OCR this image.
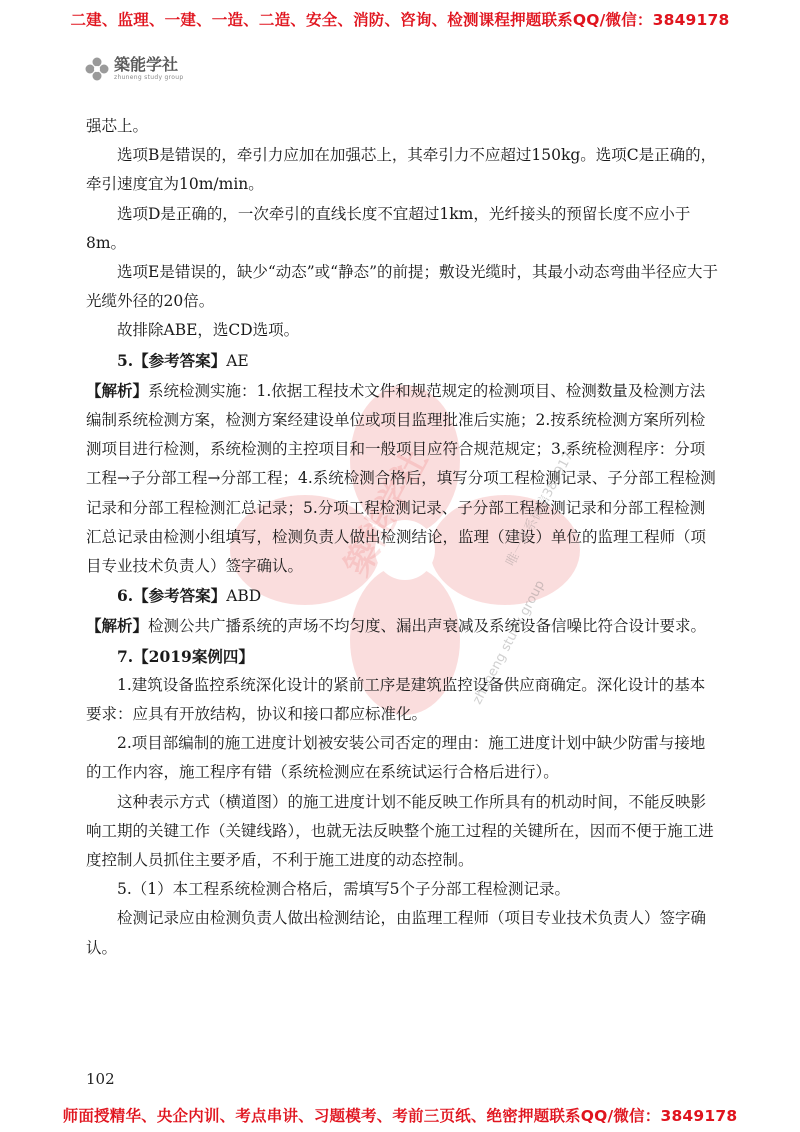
二建、监理、一建、一造、二造、安全、消防、咨询、检测课程押题联系QQ/微信：3849178
築能学社
zhuneng study group
築能学社
zhuneng study group
唯一联系微信3849178

强芯上。

选项B是错误的，牵引力应加在加强芯上，其牵引力不应超过150kg。选项C是正确的，牵引速度宜为10m/min。

选项D是正确的，一次牵引的直线长度不宜超过1km，光纤接头的预留长度不应小于8m。

选项E是错误的，缺少“动态”或“静态”的前提；敷设光缆时，其最小动态弯曲半径应大于光缆外径的20倍。

故排除ABE，选CD选项。

5.【参考答案】AE

【解析】系统检测实施：1.依据工程技术文件和规范规定的检测项目、检测数量及检测方法编制系统检测方案，检测方案经建设单位或项目监理批准后实施；2.按系统检测方案所列检测项目进行检测，系统检测的主控项目和一般项目应符合规范规定；3.系统检测程序：分项工程→子分部工程→分部工程；4.系统检测合格后，填写分项工程检测记录、子分部工程检测记录和分部工程检测汇总记录；5.分项工程检测记录、子分部工程检测记录和分部工程检测汇总记录由检测小组填写，检测负责人做出检测结论，监理（建设）单位的监理工程师（项目专业技术负责人）签字确认。

6.【参考答案】ABD

【解析】检测公共广播系统的声场不均匀度、漏出声衰减及系统设备信噪比符合设计要求。

7.【2019案例四】

1.建筑设备监控系统深化设计的紧前工序是建筑监控设备供应商确定。深化设计的基本要求：应具有开放结构，协议和接口都应标准化。

2.项目部编制的施工进度计划被安装公司否定的理由：施工进度计划中缺少防雷与接地的工作内容，施工程序有错（系统检测应在系统试运行合格后进行）。

这种表示方式（横道图）的施工进度计划不能反映工作所具有的机动时间，不能反映影响工期的关键工作（关键线路），也就无法反映整个施工过程的关键所在，因而不便于施工进度控制人员抓住主要矛盾，不利于施工进度的动态控制。

5.（1）本工程系统检测合格后，需填写5个子分部工程检测记录。

检测记录应由检测负责人做出检测结论，由监理工程师（项目专业技术负责人）签字确认。

102
师面授精华、央企内训、考点串讲、习题模考、考前三页纸、绝密押题联系QQ/微信：3849178
